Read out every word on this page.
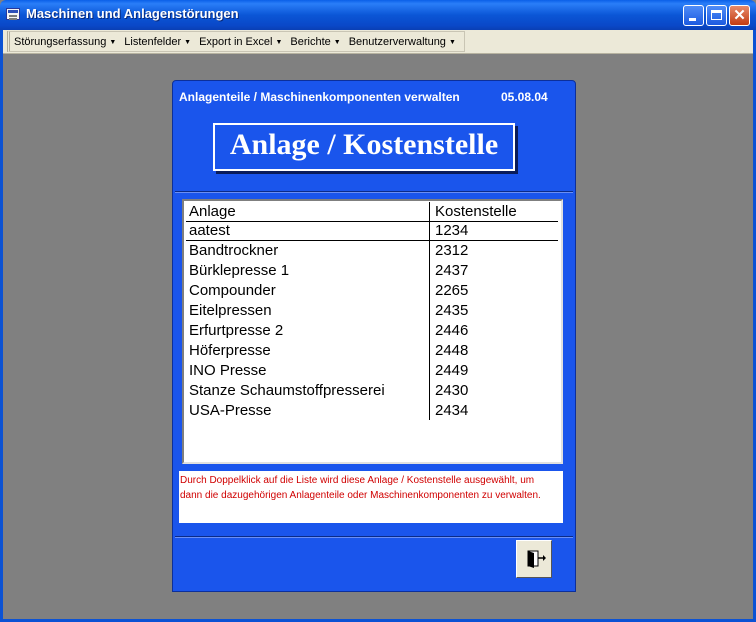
Maschinen und Anlagenstörungen	✕
Störungserfassung ▼ Listenfelder ▼ Export in Excel ▼ Berichte ▼ Benutzerverwaltung ▼
Anlagenteile / Maschinenkomponenten verwalten	05.08.04
Anlage / Kostenstelle
Anlage	Kostenstelle
aatest	1234
Bandtrockner	2312
Bürklepresse 1	2437
Compounder	2265
Eitelpressen	2435
Erfurtpresse 2	2446
Höferpresse	2448
INO Presse	2449
Stanze Schaumstoffpresserei	2430
USA-Presse	2434
Durch Doppelklick auf die Liste wird diese Anlage / Kostenstelle ausgewählt, um dann die dazugehörigen Anlagenteile oder Maschinenkomponenten zu verwalten.
